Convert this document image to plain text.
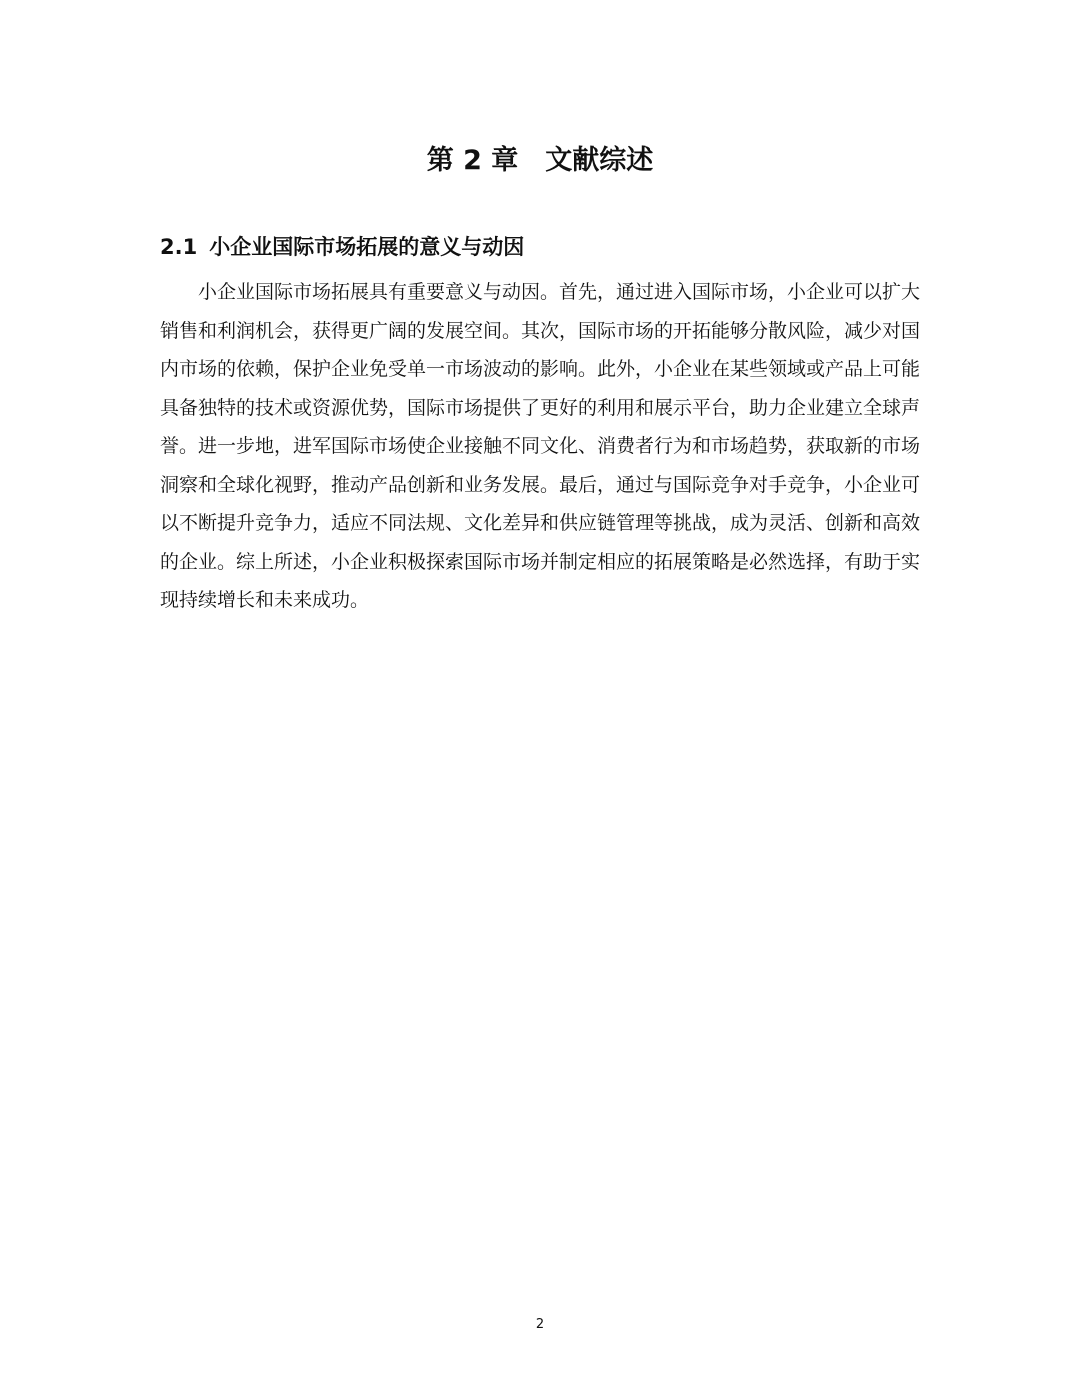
第 2 章　文献综述
2.1 小企业国际市场拓展的意义与动因

小企业国际市场拓展具有重要意义与动因。首先，通过进入国际市场，小企业可以扩大销售和利润机会，获得更广阔的发展空间。其次，国际市场的开拓能够分散风险，减少对国内市场的依赖，保护企业免受单一市场波动的影响。此外，小企业在某些领域或产品上可能具备独特的技术或资源优势，国际市场提供了更好的利用和展示平台，助力企业建立全球声誉。进一步地，进军国际市场使企业接触不同文化、消费者行为和市场趋势，获取新的市场洞察和全球化视野，推动产品创新和业务发展。最后，通过与国际竞争对手竞争，小企业可以不断提升竞争力，适应不同法规、文化差异和供应链管理等挑战，成为灵活、创新和高效的企业。综上所述，小企业积极探索国际市场并制定相应的拓展策略是必然选择，有助于实现持续增长和未来成功。

2
